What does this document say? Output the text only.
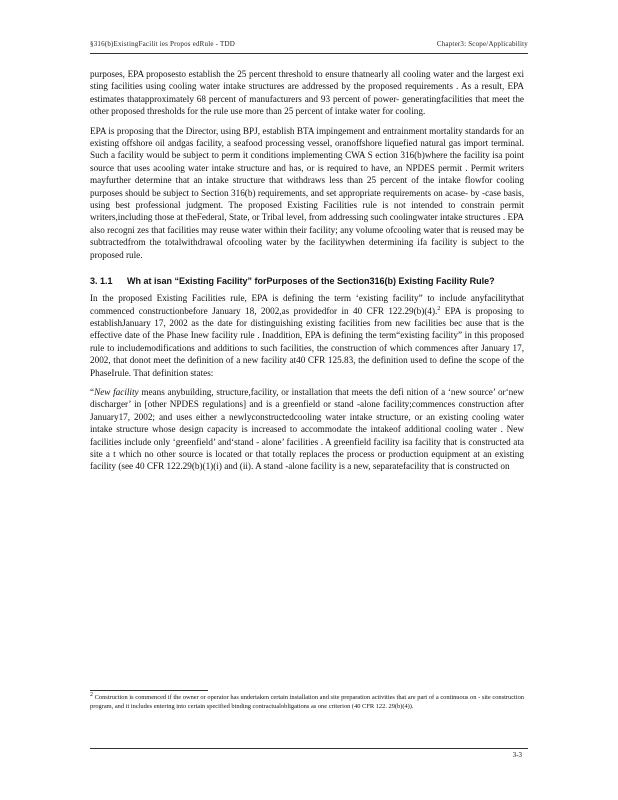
§316(b)ExistingFacilit ies Propos edRule - TDD	Chapter3: Scope/Applicability

purposes, EPA proposesto establish the 25 percent threshold to ensure thatnearly all cooling water and the largest exi sting facilities using cooling water intake structures are addressed by the proposed requirements . As a result, EPA estimates thatapproximately 68 percent of manufacturers and 93 percent of power- generatingfacilities that meet the other proposed thresholds for the rule use more than 25 percent of intake water for cooling.

EPA is proposing that the Director, using BPJ, establish BTA impingement and entrainment mortality standards for an existing offshore oil andgas facility, a seafood processing vessel, oranoffshore liquefied natural gas import terminal. Such a facility would be subject to perm it conditions implementing CWA S ection 316(b)where the facility isa point source that uses acooling water intake structure and has, or is required to have, an NPDES permit . Permit writers mayfurther determine that an intake structure that withdraws less than 25 percent of the intake flowfor cooling purposes should be subject to Section 316(b) requirements, and set appropriate requirements on acase- by -case basis, using best professional judgment. The proposed Existing Facilities rule is not intended to constrain permit writers,including those at theFederal, State, or Tribal level, from addressing such coolingwater intake structures . EPA also recogni zes that facilities may reuse water within their facility; any volume ofcooling water that is reused may be subtractedfrom the totalwithdrawal ofcooling water by the facilitywhen determining ifa facility is subject to the proposed rule.

3. 1.1	Wh at isan “Existing Facility” forPurposes of the Section316(b) Existing Facility Rule?

In the proposed Existing Facilities rule, EPA is defining the term ‘existing facility” to include anyfacilitythat commenced constructionbefore January 18, 2002,as providedfor in 40 CFR 122.29(b)(4).$^2$ EPA is proposing to establishJanuary 17, 2002 as the date for distinguishing existing facilities from new facilities bec ause that is the effective date of the Phase Inew facility rule . Inaddition, EPA is defining the term“existing facility” in this proposed rule to includemodifications and additions to such facilities, the construction of which commences after January 17, 2002, that donot meet the definition of a new facility at40 CFR 125.83, the definition used to define the scope of the PhaseIrule. That definition states:

“New facility means anybuilding, structure,facility, or installation that meets the defi nition of a ‘new source’ or‘new discharger’ in [other NPDES regulations] and is a greenfield or stand -alone facility;commences construction after January17, 2002; and uses either a newlyconstructedcooling water intake structure, or an existing cooling water intake structure whose design capacity is increased to accommodate the intakeof additional cooling water . New facilities include only ‘greenfield’ and‘stand - alone’ facilities . A greenfield facility isa facility that is constructed ata site a t which no other source is located or that totally replaces the process or production equipment at an existing facility (see 40 CFR 122.29(b)(1)(i) and (ii). A stand -alone facility is a new, separatefacility that is constructed on

$^2$ Construction is commenced if the owner or operator has undertaken certain installation and site preparation activities that are part of a continuous on - site construction program, and it includes entering into certain specified binding contractualobligations as one criterion (40 CFR 122. 29(b)(4)).
3-3
